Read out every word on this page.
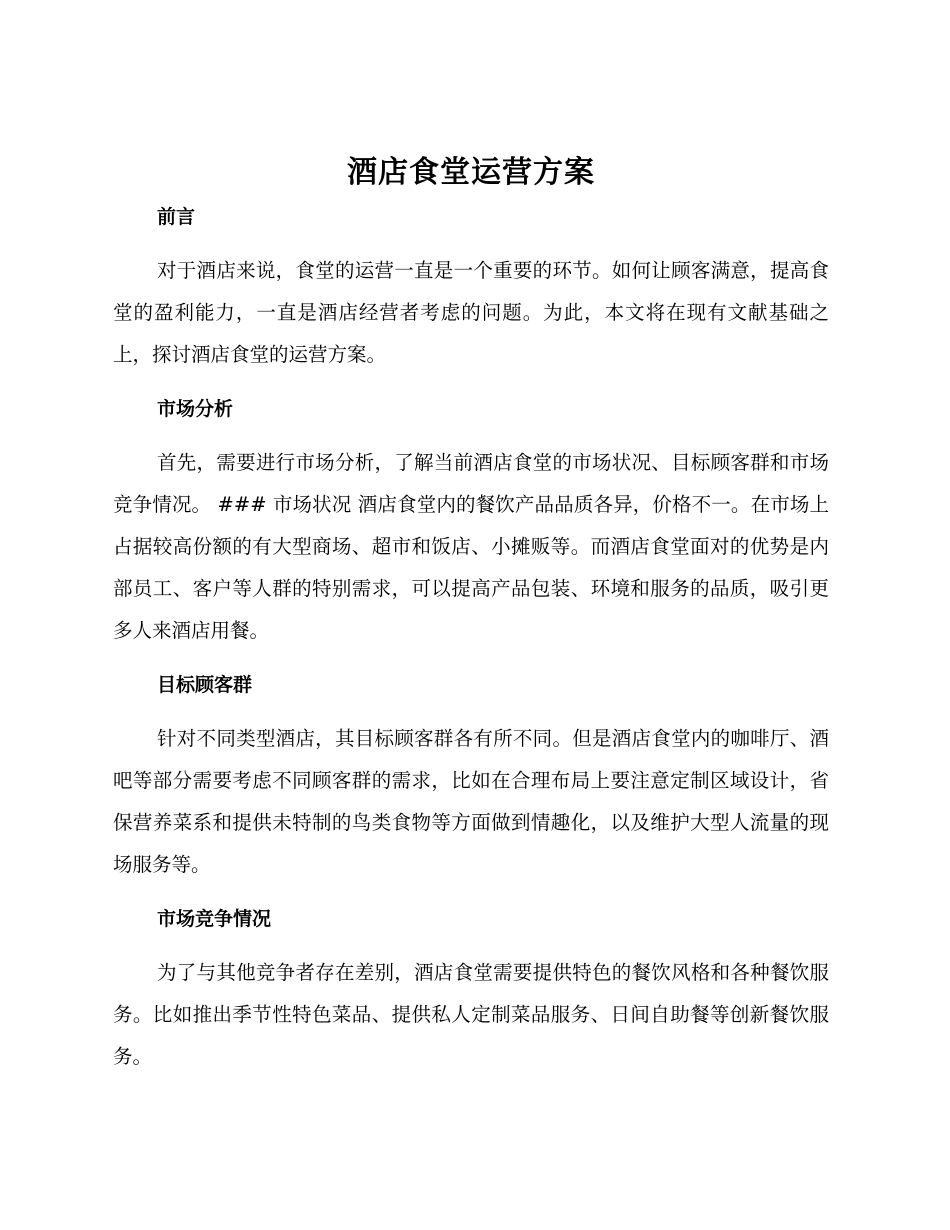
酒店食堂运营方案
前言

对于酒店来说，食堂的运营一直是一个重要的环节。如何让顾客满意，提高食堂的盈利能力，一直是酒店经营者考虑的问题。为此，本文将在现有文献基础之上，探讨酒店食堂的运营方案。

市场分析

首先，需要进行市场分析，了解当前酒店食堂的市场状况、目标顾客群和市场竞争情况。 ### 市场状况 酒店食堂内的餐饮产品品质各异，价格不一。在市场上占据较高份额的有大型商场、超市和饭店、小摊贩等。而酒店食堂面对的优势是内部员工、客户等人群的特别需求，可以提高产品包装、环境和服务的品质，吸引更多人来酒店用餐。

目标顾客群

针对不同类型酒店，其目标顾客群各有所不同。但是酒店食堂内的咖啡厅、酒吧等部分需要考虑不同顾客群的需求，比如在合理布局上要注意定制区域设计，省保营养菜系和提供未特制的鸟类食物等方面做到情趣化，以及维护大型人流量的现场服务等。

市场竞争情况

为了与其他竞争者存在差别，酒店食堂需要提供特色的餐饮风格和各种餐饮服务。比如推出季节性特色菜品、提供私人定制菜品服务、日间自助餐等创新餐饮服务。
